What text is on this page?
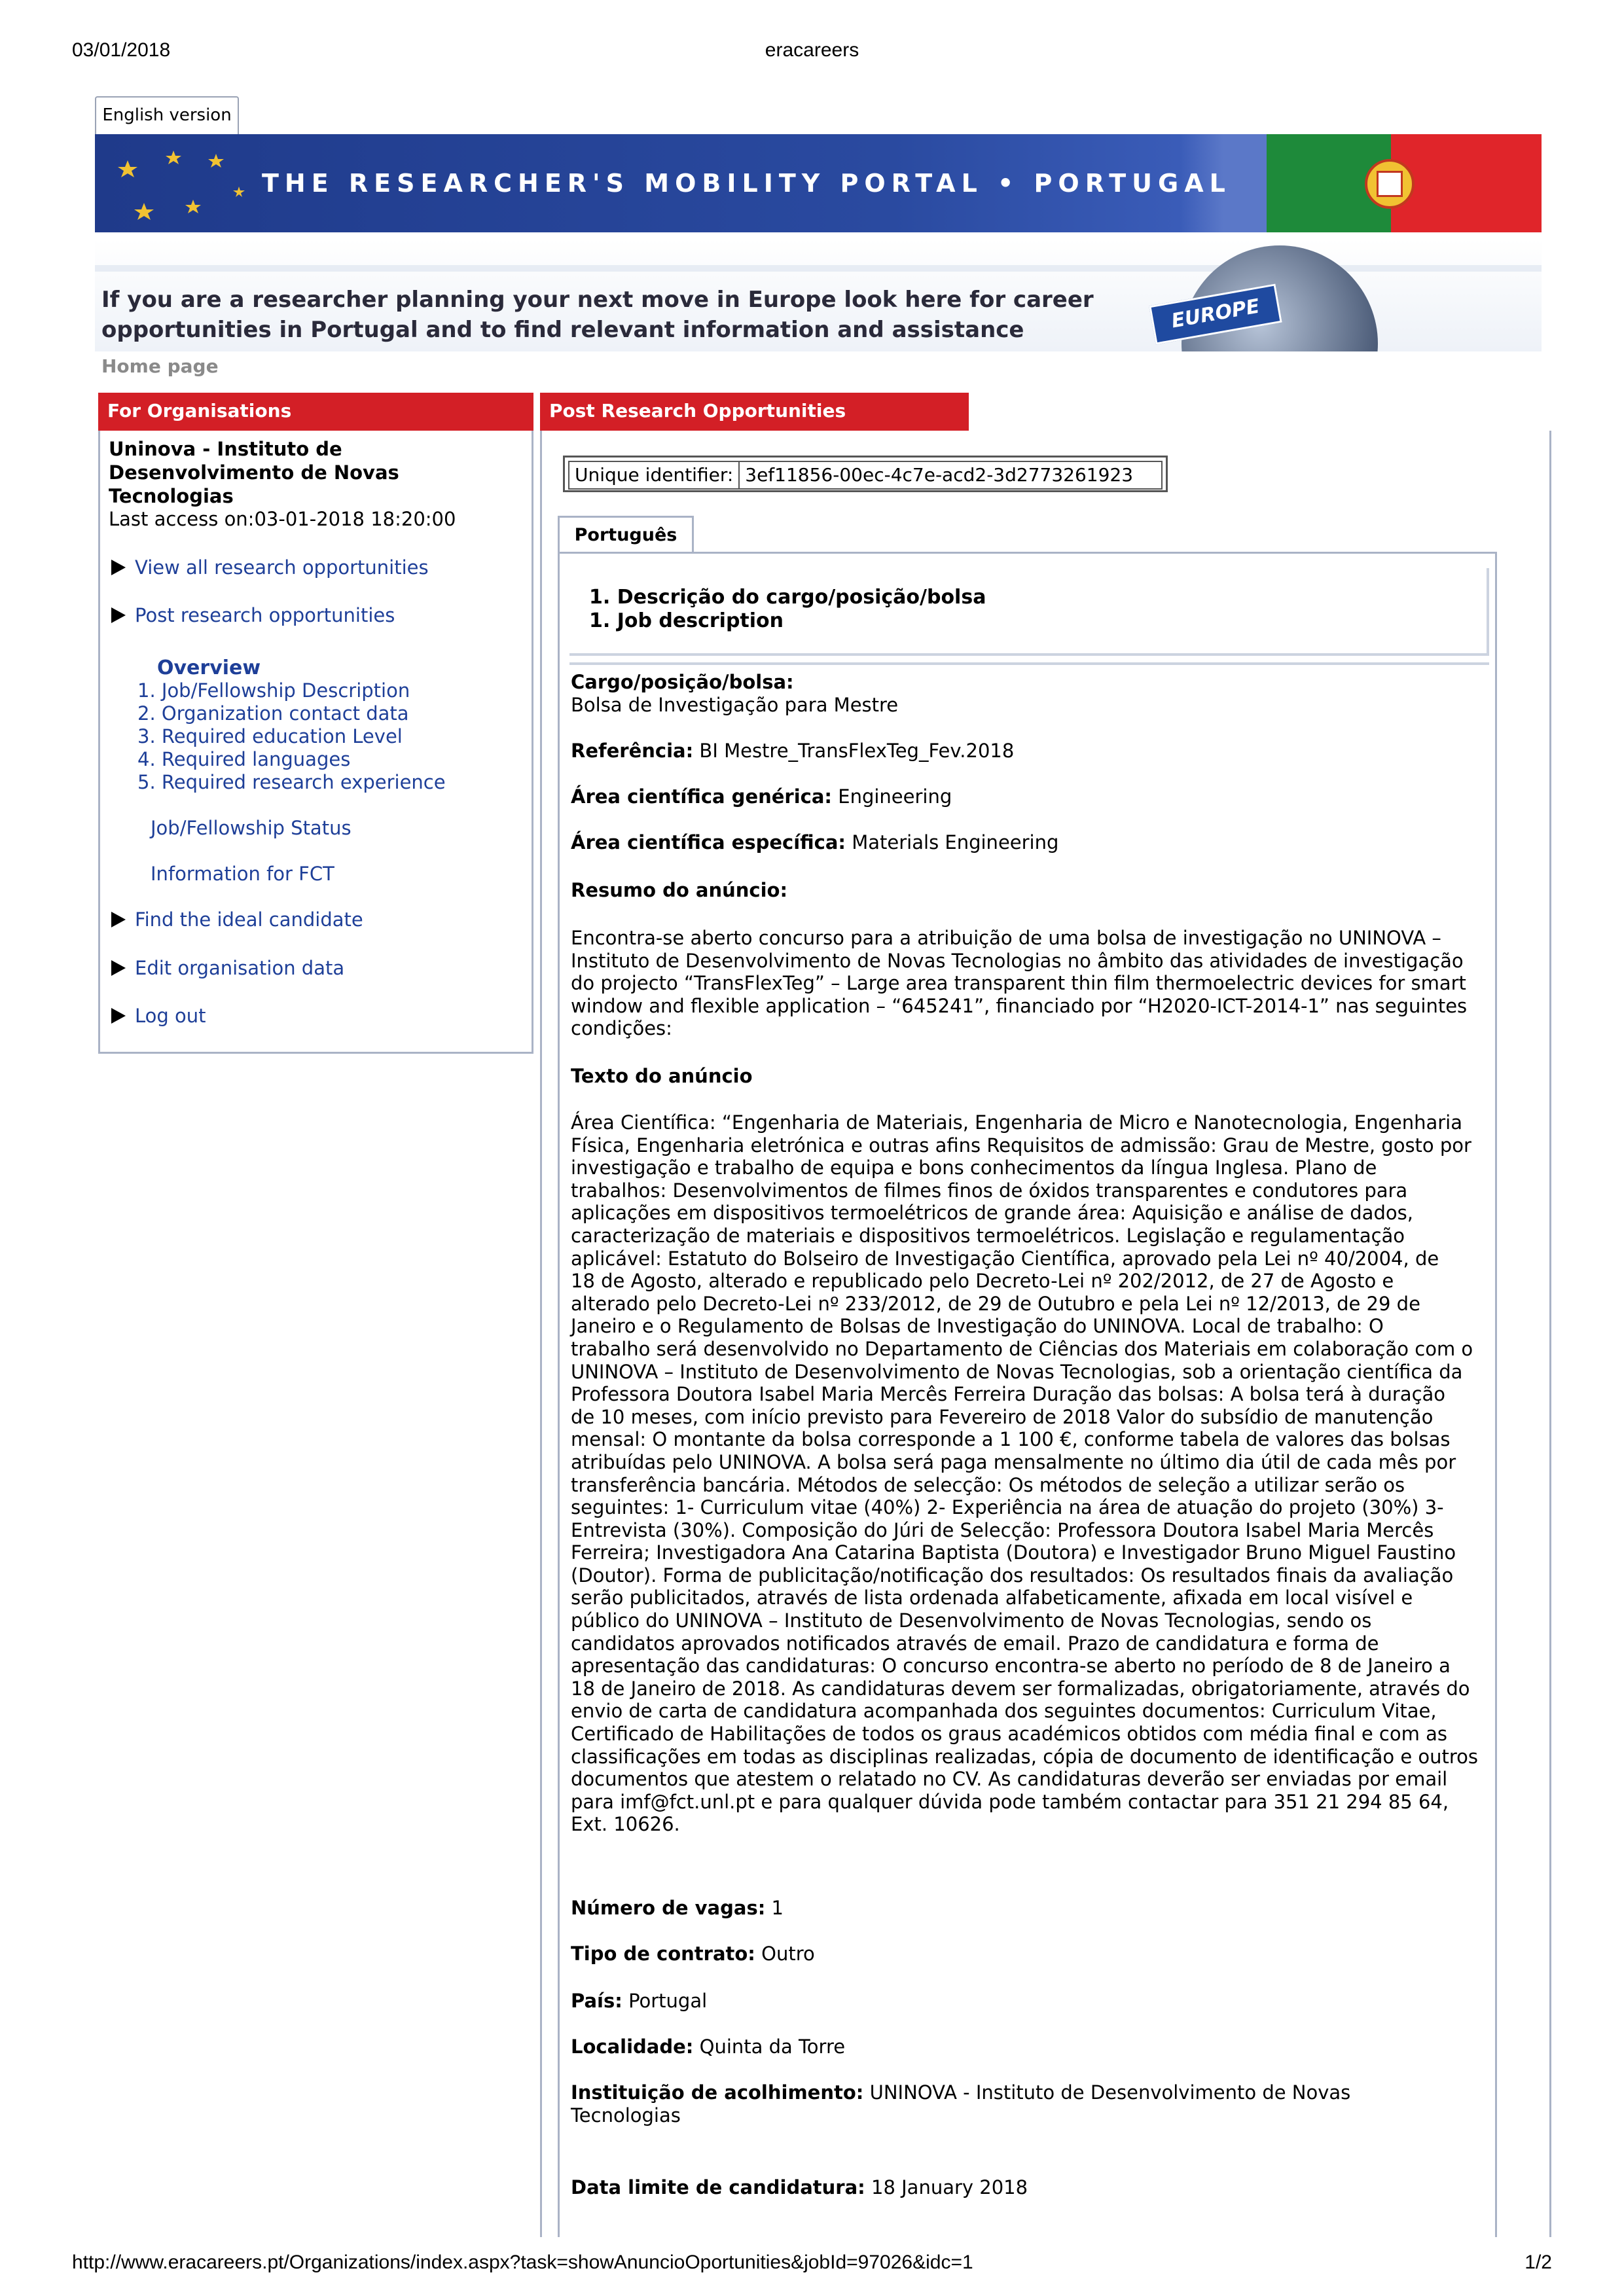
03/01/2018	eracareers
English version
THE RESEARCHER'S MOBILITY PORTAL • PORTUGAL
If you are a researcher planning your next move in Europe look here for career
opportunities in Portugal and to find relevant information and assistance	EUROPE
Home page
For Organisations
Uninova - Instituto de
Desenvolvimento de Novas
Tecnologias
Last access on:03-01-2018 18:20:00
View all research opportunities
Post research opportunities
Overview
1. Job/Fellowship Description
2. Organization contact data
3. Required education Level
4. Required languages
5. Required research experience
Job/Fellowship Status
Information for FCT
Find the ideal candidate
Edit organisation data
Log out
Post Research Opportunities
Unique identifier: 3ef11856-00ec-4c7e-acd2-3d2773261923
Português
1. Descrição do cargo/posição/bolsa
1. Job description
Cargo/posição/bolsa:
Bolsa de Investigação para Mestre
Referência: BI Mestre_TransFlexTeg_Fev.2018
Área científica genérica: Engineering
Área científica específica: Materials Engineering
Resumo do anúncio:
Encontra-se aberto concurso para a atribuição de uma bolsa de investigação no UNINOVA –
Instituto de Desenvolvimento de Novas Tecnologias no âmbito das atividades de investigação
do projecto “TransFlexTeg” – Large area transparent thin film thermoelectric devices for smart
window and flexible application – “645241”, financiado por “H2020-ICT-2014-1” nas seguintes
condições:
Texto do anúncio
Área Científica: “Engenharia de Materiais, Engenharia de Micro e Nanotecnologia, Engenharia
Física, Engenharia eletrónica e outras afins Requisitos de admissão: Grau de Mestre, gosto por
investigação e trabalho de equipa e bons conhecimentos da língua Inglesa. Plano de
trabalhos: Desenvolvimentos de filmes finos de óxidos transparentes e condutores para
aplicações em dispositivos termoelétricos de grande área: Aquisição e análise de dados,
caracterização de materiais e dispositivos termoelétricos. Legislação e regulamentação
aplicável: Estatuto do Bolseiro de Investigação Científica, aprovado pela Lei nº 40/2004, de
18 de Agosto, alterado e republicado pelo Decreto-Lei nº 202/2012, de 27 de Agosto e
alterado pelo Decreto-Lei nº 233/2012, de 29 de Outubro e pela Lei nº 12/2013, de 29 de
Janeiro e o Regulamento de Bolsas de Investigação do UNINOVA. Local de trabalho: O
trabalho será desenvolvido no Departamento de Ciências dos Materiais em colaboração com o
UNINOVA – Instituto de Desenvolvimento de Novas Tecnologias, sob a orientação científica da
Professora Doutora Isabel Maria Mercês Ferreira Duração das bolsas: A bolsa terá à duração
de 10 meses, com início previsto para Fevereiro de 2018 Valor do subsídio de manutenção
mensal: O montante da bolsa corresponde a 1 100 €, conforme tabela de valores das bolsas
atribuídas pelo UNINOVA. A bolsa será paga mensalmente no último dia útil de cada mês por
transferência bancária. Métodos de selecção: Os métodos de seleção a utilizar serão os
seguintes: 1- Curriculum vitae (40%) 2- Experiência na área de atuação do projeto (30%) 3-
Entrevista (30%). Composição do Júri de Selecção: Professora Doutora Isabel Maria Mercês
Ferreira; Investigadora Ana Catarina Baptista (Doutora) e Investigador Bruno Miguel Faustino
(Doutor). Forma de publicitação/notificação dos resultados: Os resultados finais da avaliação
serão publicitados, através de lista ordenada alfabeticamente, afixada em local visível e
público do UNINOVA – Instituto de Desenvolvimento de Novas Tecnologias, sendo os
candidatos aprovados notificados através de email. Prazo de candidatura e forma de
apresentação das candidaturas: O concurso encontra-se aberto no período de 8 de Janeiro a
18 de Janeiro de 2018. As candidaturas devem ser formalizadas, obrigatoriamente, através do
envio de carta de candidatura acompanhada dos seguintes documentos: Curriculum Vitae,
Certificado de Habilitações de todos os graus académicos obtidos com média final e com as
classificações em todas as disciplinas realizadas, cópia de documento de identificação e outros
documentos que atestem o relatado no CV. As candidaturas deverão ser enviadas por email
para imf@fct.unl.pt e para qualquer dúvida pode também contactar para 351 21 294 85 64,
Ext. 10626.
Número de vagas: 1
Tipo de contrato: Outro
País: Portugal
Localidade: Quinta da Torre
Instituição de acolhimento: UNINOVA - Instituto de Desenvolvimento de Novas
Tecnologias
Data limite de candidatura: 18 January 2018
http://www.eracareers.pt/Organizations/index.aspx?task=showAnuncioOportunities&jobId=97026&idc=1	1/2
